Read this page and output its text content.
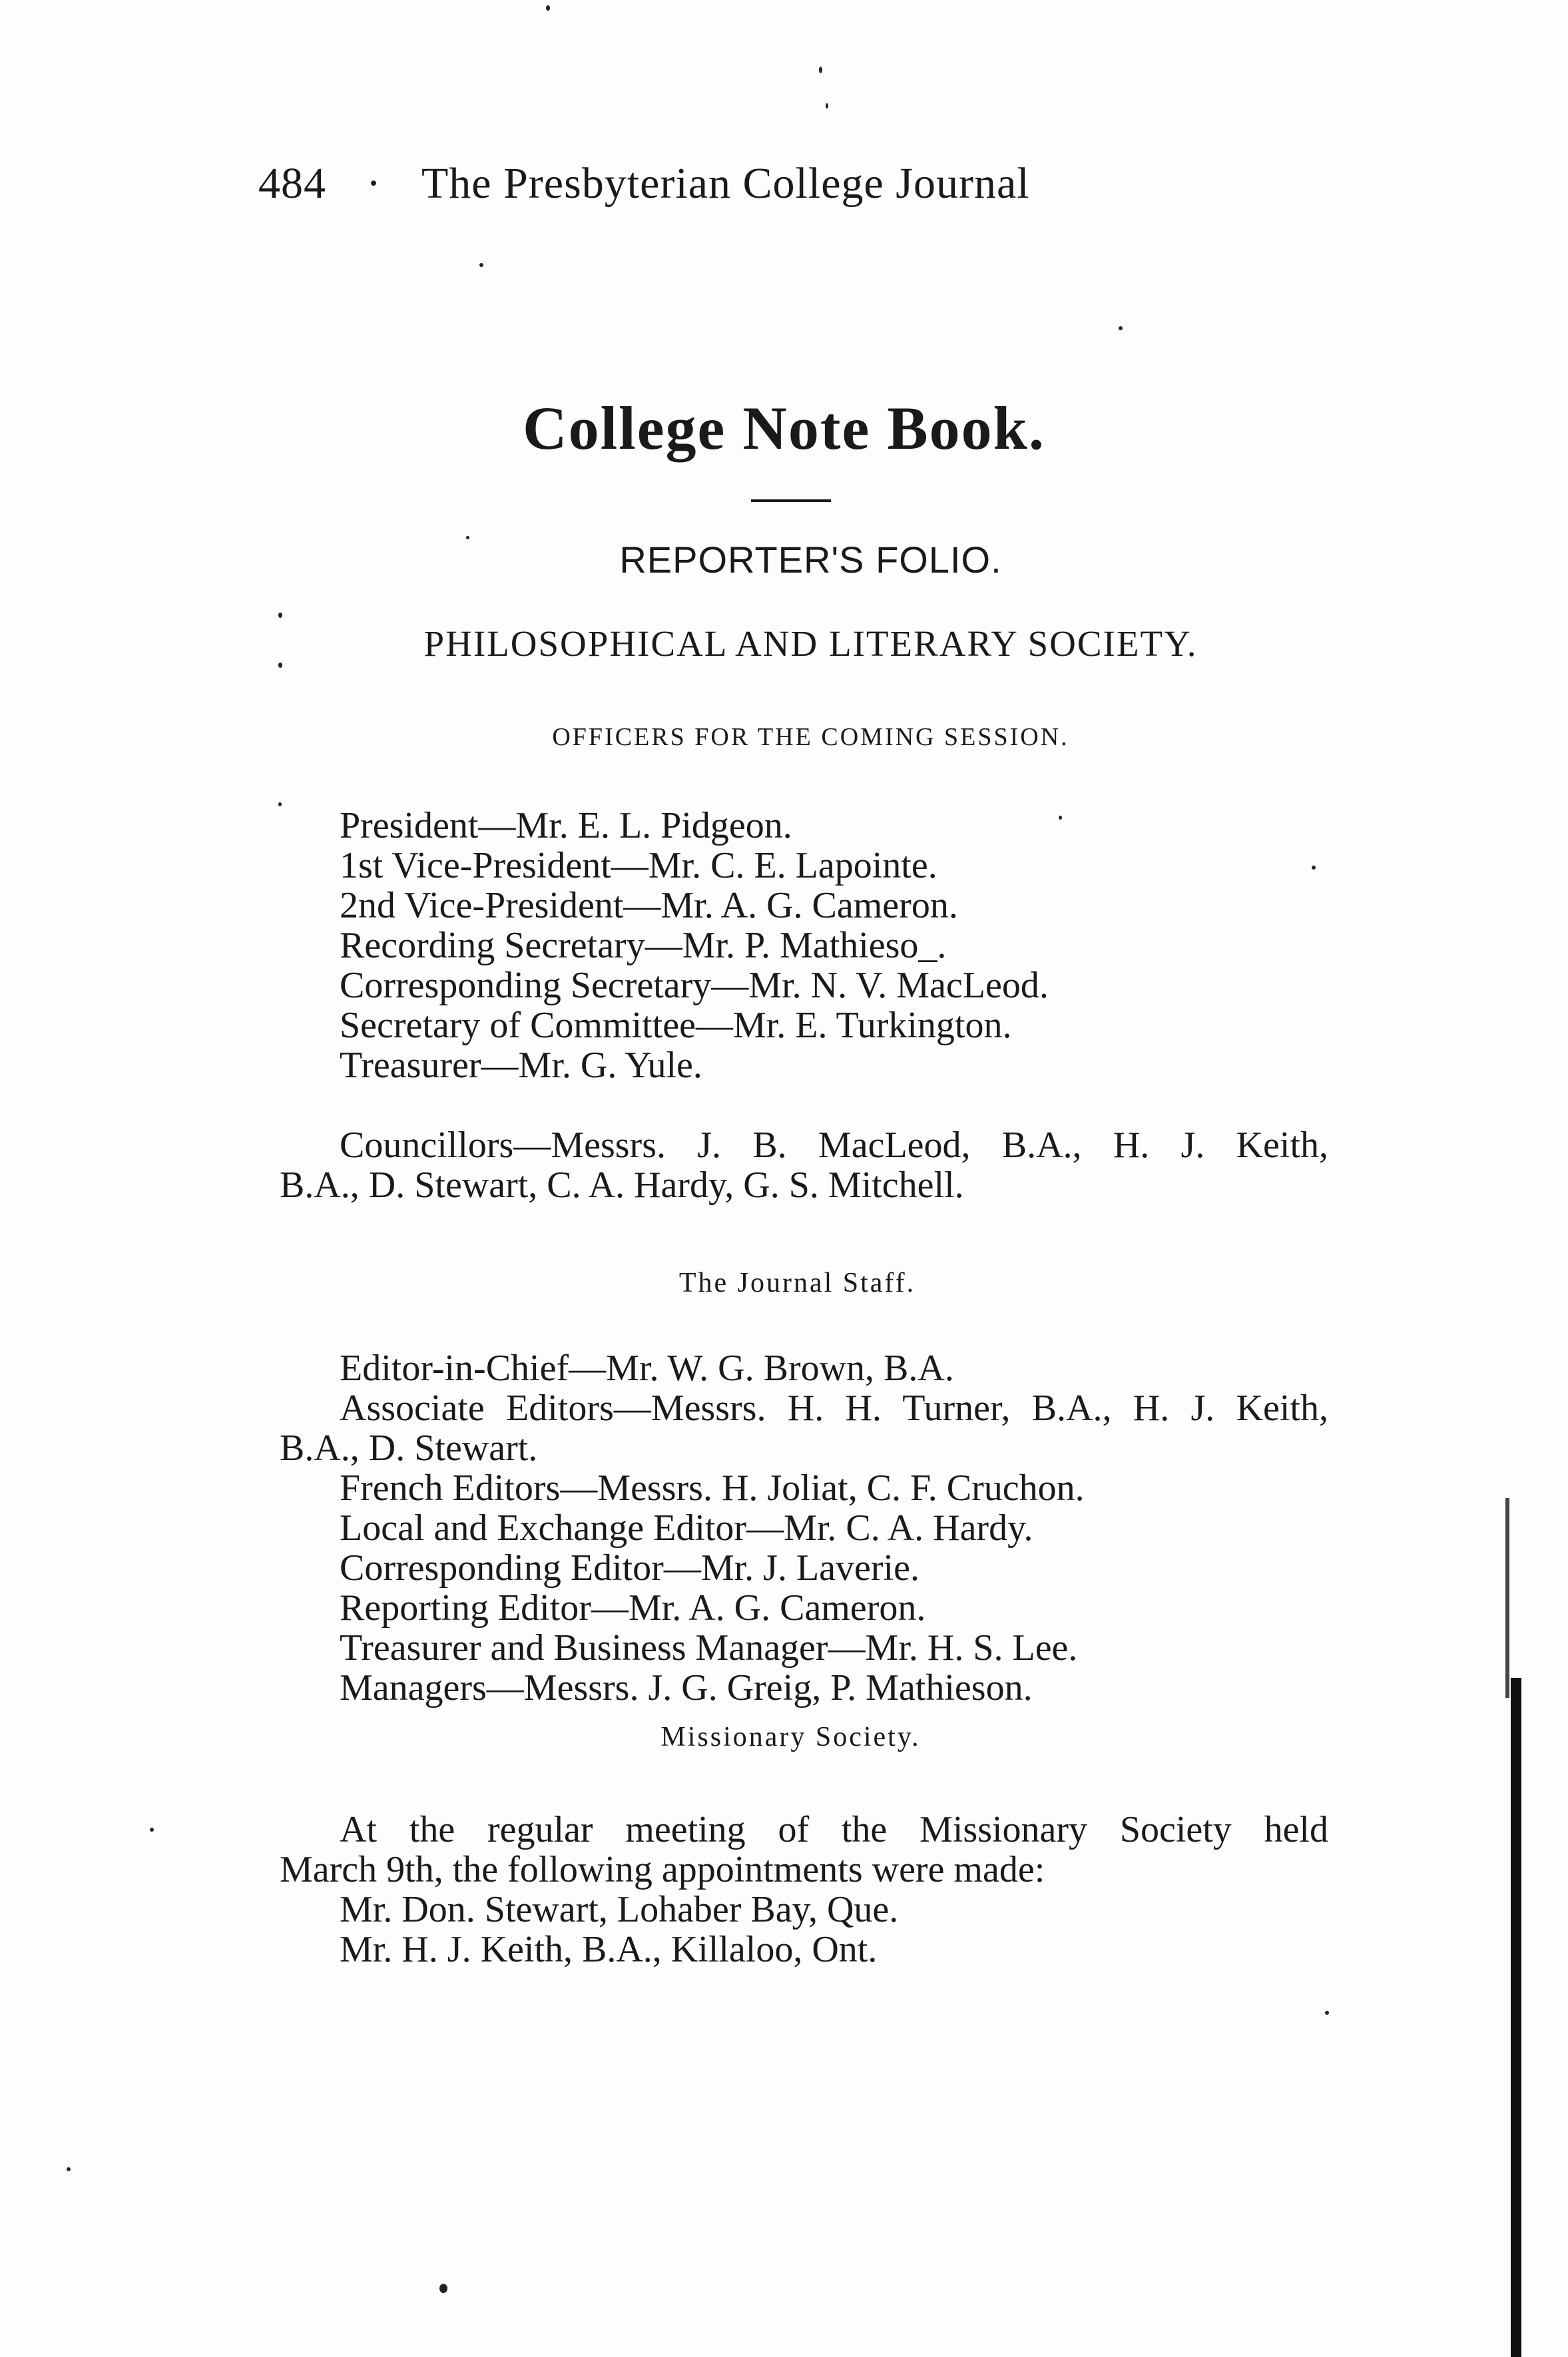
484 · The Presbyterian College Journal
College Note Book.
REPORTER'S FOLIO.
PHILOSOPHICAL AND LITERARY SOCIETY.
OFFICERS FOR THE COMING SESSION.
President—Mr. E. L. Pidgeon.
1st Vice-President—Mr. C. E. Lapointe.
2nd Vice-President—Mr. A. G. Cameron.
Recording Secretary—Mr. P. Mathieso_.
Corresponding Secretary—Mr. N. V. MacLeod.
Secretary of Committee—Mr. E. Turkington.
Treasurer—Mr. G. Yule.
Councillors—Messrs. J. B. MacLeod, B.A., H. J. Keith,
B.A., D. Stewart, C. A. Hardy, G. S. Mitchell.
The Journal Staff.
Editor-in-Chief—Mr. W. G. Brown, B.A.
Associate Editors—Messrs. H. H. Turner, B.A., H. J. Keith,
B.A., D. Stewart.
French Editors—Messrs. H. Joliat, C. F. Cruchon.
Local and Exchange Editor—Mr. C. A. Hardy.
Corresponding Editor—Mr. J. Laverie.
Reporting Editor—Mr. A. G. Cameron.
Treasurer and Business Manager—Mr. H. S. Lee.
Managers—Messrs. J. G. Greig, P. Mathieson.
Missionary Society.
At the regular meeting of the Missionary Society held
March 9th, the following appointments were made:
Mr. Don. Stewart, Lohaber Bay, Que.
Mr. H. J. Keith, B.A., Killaloo, Ont.
